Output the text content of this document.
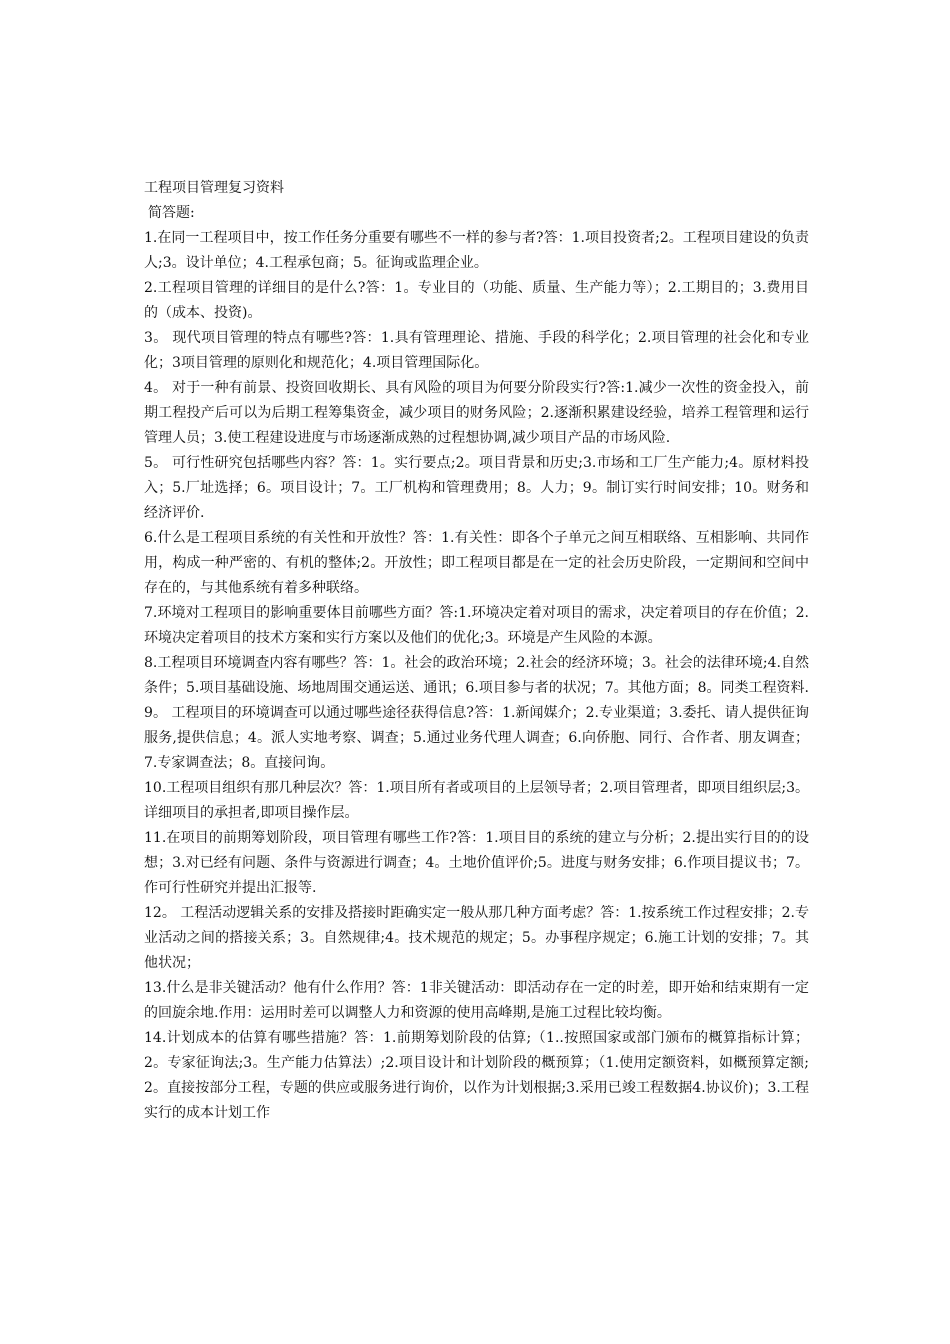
工程项目管理复习资料

简答题:

1.在同一工程项目中，按工作任务分重要有哪些不一样的参与者?答：1.项目投资者;2。工程项目建设的负责人;3。设计单位；4.工程承包商；5。征询或监理企业。

2.工程项目管理的详细目的是什么?答：1。专业目的（功能、质量、生产能力等）；2.工期目的；3.费用目的（成本、投资)。

3。 现代项目管理的特点有哪些?答：1.具有管理理论、措施、手段的科学化；2.项目管理的社会化和专业化；3项目管理的原则化和规范化；4.项目管理国际化。

4。 对于一种有前景、投资回收期长、具有风险的项目为何要分阶段实行?答:1.减少一次性的资金投入，前期工程投产后可以为后期工程筹集资金，减少项目的财务风险；2.逐渐积累建设经验，培养工程管理和运行管理人员；3.使工程建设进度与市场逐渐成熟的过程想协调,减少项目产品的市场风险.

5。 可行性研究包括哪些内容？答：1。实行要点;2。项目背景和历史;3.市场和工厂生产能力;4。原材料投入；5.厂址选择；6。项目设计；7。工厂机构和管理费用；8。人力；9。制订实行时间安排；10。财务和经济评价.

6.什么是工程项目系统的有关性和开放性？答：1.有关性：即各个子单元之间互相联络、互相影响、共同作用，构成一种严密的、有机的整体;2。开放性；即工程项目都是在一定的社会历史阶段，一定期间和空间中存在的，与其他系统有着多种联络。

7.环境对工程项目的影响重要体目前哪些方面？答:1.环境决定着对项目的需求，决定着项目的存在价值；2.环境决定着项目的技术方案和实行方案以及他们的优化;3。环境是产生风险的本源。

8.工程项目环境调查内容有哪些？答：1。社会的政治环境；2.社会的经济环境；3。社会的法律环境;4.自然条件；5.项目基础设施、场地周围交通运送、通讯；6.项目参与者的状况；7。其他方面；8。同类工程资料.

9。 工程项目的环境调查可以通过哪些途径获得信息?答：1.新闻媒介；2.专业渠道；3.委托、请人提供征询服务,提供信息；4。派人实地考察、调查；5.通过业务代理人调查；6.向侨胞、同行、合作者、朋友调查；7.专家调查法；8。直接问询。

10.工程项目组织有那几种层次？答：1.项目所有者或项目的上层领导者；2.项目管理者，即项目组织层;3。详细项目的承担者,即项目操作层。

11.在项目的前期筹划阶段，项目管理有哪些工作?答：1.项目目的系统的建立与分析；2.提出实行目的的设想；3.对已经有问题、条件与资源进行调查；4。土地价值评价;5。进度与财务安排；6.作项目提议书；7。作可行性研究并提出汇报等.

12。 工程活动逻辑关系的安排及搭接时距确实定一般从那几种方面考虑？答：1.按系统工作过程安排；2.专业活动之间的搭接关系；3。自然规律;4。技术规范的规定；5。办事程序规定；6.施工计划的安排；7。其他状况；

13.什么是非关键活动？他有什么作用？答：1非关键活动：即活动存在一定的时差，即开始和结束期有一定的回旋余地.作用：运用时差可以调整人力和资源的使用高峰期,是施工过程比较均衡。

14.计划成本的估算有哪些措施？答：1.前期筹划阶段的估算;（1..按照国家或部门颁布的概算指标计算；2。专家征询法;3。生产能力估算法）;2.项目设计和计划阶段的概预算；（1.使用定额资料，如概预算定额;2。直接按部分工程，专题的供应或服务进行询价，以作为计划根据;3.采用已竣工程数据4.协议价)；3.工程实行的成本计划工作
